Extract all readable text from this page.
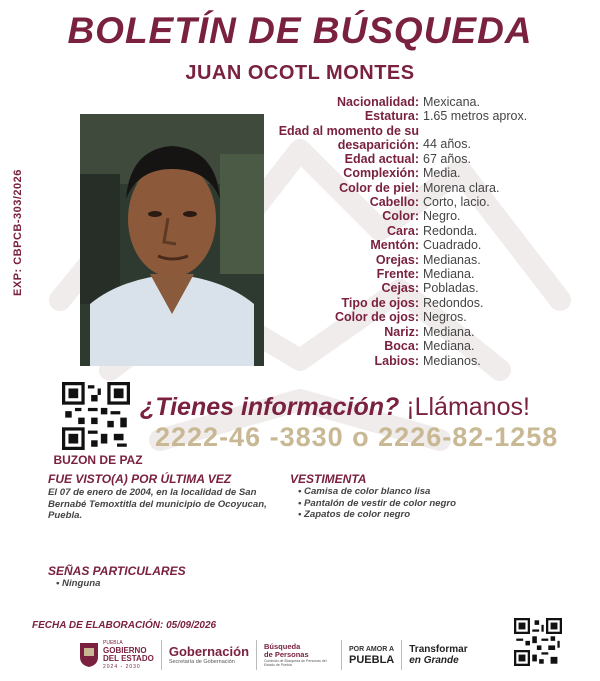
BOLETÍN DE BÚSQUEDA
JUAN OCOTL MONTES
EXP: CBPCB-303/2026
Nacionalidad: Mexicana.
Estatura: 1.65 metros aprox.
Edad al momento de su desaparición: 44 años.
Edad actual: 67 años.
Complexión: Media.
Color de piel: Morena clara.
Cabello: Corto, lacio.
Color: Negro.
Cara: Redonda.
Mentón: Cuadrado.
Orejas: Medianas.
Frente: Mediana.
Cejas: Pobladas.
Tipo de ojos: Redondos.
Color de ojos: Negros.
Nariz: Mediana.
Boca: Mediana.
Labios: Medianos.
BUZON DE PAZ
¿Tienes información? ¡Llámanos!
2222-46 -3830 o 2226-82-1258
FUE VISTO(A) POR ÚLTIMA VEZ
El 07 de enero de 2004, en la localidad de San Bernabé Temoxtitla del municipio de Ocoyucan, Puebla.
VESTIMENTA
• Camisa de color blanco lisa
• Pantalón de vestir de color negro
• Zapatos de color negro
SEÑAS PARTICULARES
• Ninguna
FECHA DE ELABORACIÓN: 05/09/2026
PUEBLA
GOBIERNO
DEL ESTADO
2024 - 2030
Gobernación
Secretaría de Gobernación
Búsqueda
de Personas
Comisión de Búsqueda de Personas del Estado de Puebla
POR AMOR A
PUEBLA
Transformar
en Grande
